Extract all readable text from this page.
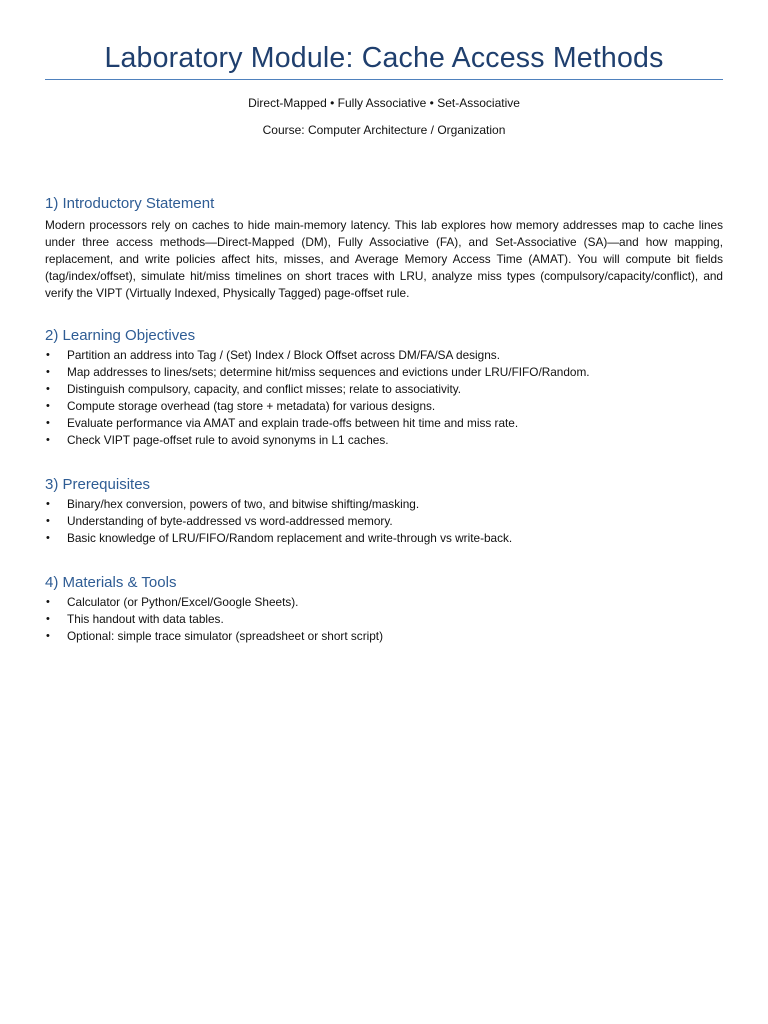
Laboratory Module: Cache Access Methods
Direct-Mapped • Fully Associative • Set-Associative
Course: Computer Architecture / Organization
1) Introductory Statement

Modern processors rely on caches to hide main-memory latency. This lab explores how memory addresses map to cache lines under three access methods—Direct-Mapped (DM), Fully Associative (FA), and Set-Associative (SA)—and how mapping, replacement, and write policies affect hits, misses, and Average Memory Access Time (AMAT). You will compute bit fields (tag/index/offset), simulate hit/miss timelines on short traces with LRU, analyze miss types (compulsory/capacity/conflict), and verify the VIPT (Virtually Indexed, Physically Tagged) page-offset rule.

2) Learning Objectives
• Partition an address into Tag / (Set) Index / Block Offset across DM/FA/SA designs.
• Map addresses to lines/sets; determine hit/miss sequences and evictions under LRU/FIFO/Random.
• Distinguish compulsory, capacity, and conflict misses; relate to associativity.
• Compute storage overhead (tag store + metadata) for various designs.
• Evaluate performance via AMAT and explain trade-offs between hit time and miss rate.
• Check VIPT page-offset rule to avoid synonyms in L1 caches.
3) Prerequisites
• Binary/hex conversion, powers of two, and bitwise shifting/masking.
• Understanding of byte-addressed vs word-addressed memory.
• Basic knowledge of LRU/FIFO/Random replacement and write-through vs write-back.
4) Materials & Tools
• Calculator (or Python/Excel/Google Sheets).
• This handout with data tables.
• Optional: simple trace simulator (spreadsheet or short script)
